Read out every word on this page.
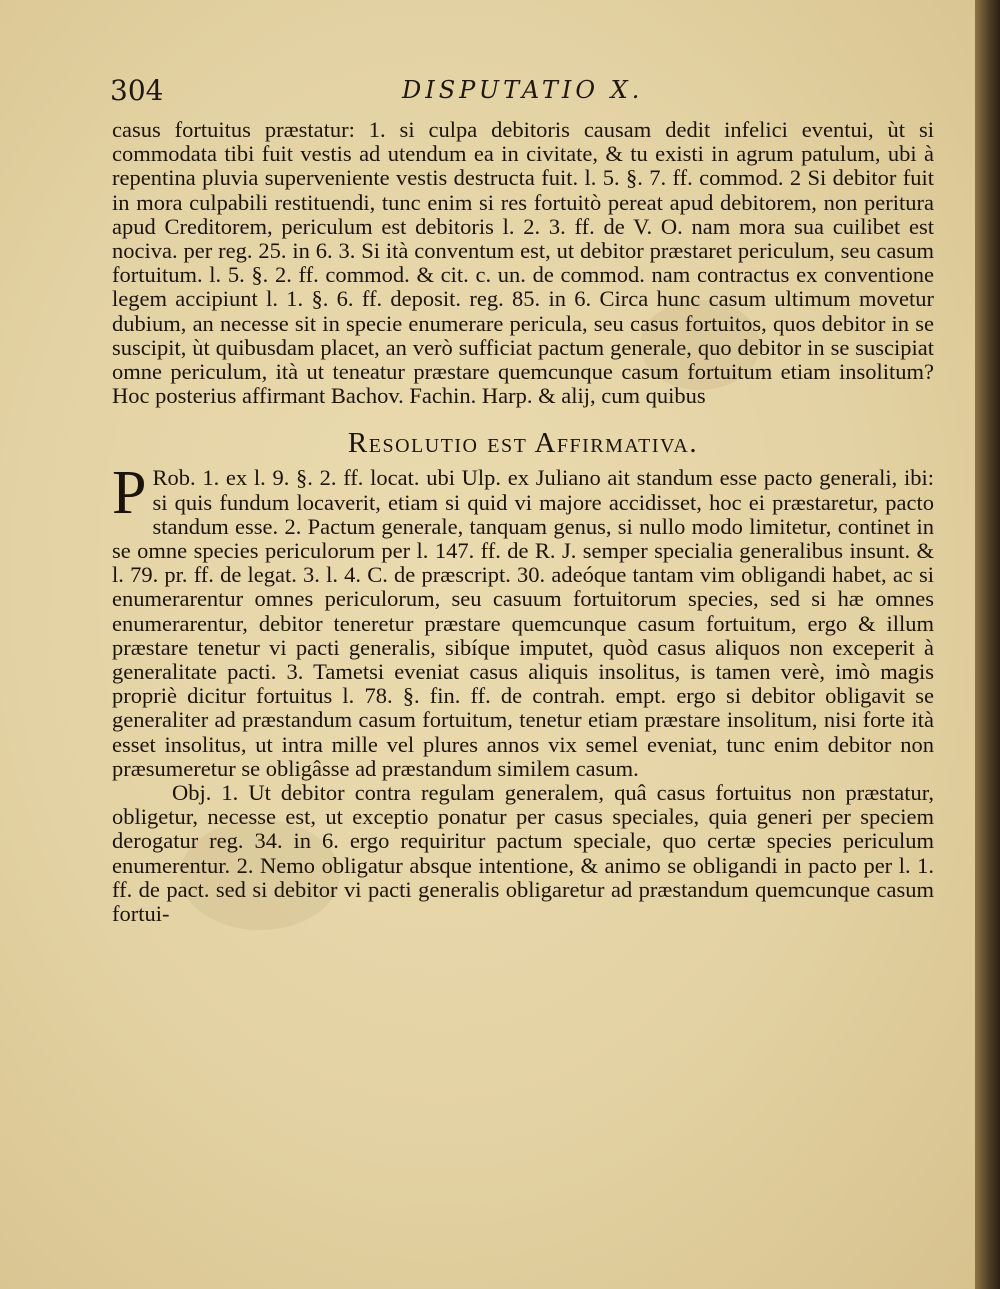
304	DISPUTATIO X.

casus fortuitus præstatur: 1. si culpa debitoris causam dedit infelici eventui, ùt si commodata tibi fuit vestis ad utendum ea in civitate, & tu existi in agrum patulum, ubi à repentina pluvia superveniente vestis destructa fuit. l. 5. §. 7. ff. commod. 2 Si debitor fuit in mora culpabili restituendi, tunc enim si res fortuitò pereat apud debitorem, non peritura apud Creditorem, periculum est debitoris l. 2. 3. ff. de V. O. nam mora sua cuilibet est nociva. per reg. 25. in 6. 3. Si ità conventum est, ut debitor præstaret periculum, seu casum fortuitum. l. 5. §. 2. ff. commod. & cit. c. un. de commod. nam contractus ex conventione legem accipiunt l. 1. §. 6. ff. deposit. reg. 85. in 6. Circa hunc casum ultimum movetur dubium, an necesse sit in specie enumerare pericula, seu casus fortuitos, quos debitor in se suscipit, ùt quibusdam placet, an verò sufficiat pactum generale, quo debitor in se suscipiat omne periculum, ità ut teneatur præstare quemcunque casum fortuitum etiam insolitum? Hoc posterius affirmant Bachov. Fachin. Harp. & alij, cum quibus

Resolutio est Affirmativa.

P Rob. 1. ex l. 9. §. 2. ff. locat. ubi Ulp. ex Juliano ait standum esse pacto generali, ibi: si quis fundum locaverit, etiam si quid vi majore accidisset, hoc ei præstaretur, pacto standum esse. 2. Pactum generale, tanquam genus, si nullo modo limitetur, continet in se omne species periculorum per l. 147. ff. de R. J. semper specialia generalibus insunt. & l. 79. pr. ff. de legat. 3. l. 4. C. de præscript. 30. adeóque tantam vim obligandi habet, ac si enumerarentur omnes periculorum, seu casuum fortuitorum species, sed si hæ omnes enumerarentur, debitor teneretur præstare quemcunque casum fortuitum, ergo & illum præstare tenetur vi pacti generalis, sibíque imputet, quòd casus aliquos non exceperit à generalitate pacti. 3. Tametsi eveniat casus aliquis insolitus, is tamen verè, imò magis propriè dicitur fortuitus l. 78. §. fin. ff. de contrah. empt. ergo si debitor obligavit se generaliter ad præstandum casum fortuitum, tenetur etiam præstare insolitum, nisi forte ità esset insolitus, ut intra mille vel plures annos vix semel eveniat, tunc enim debitor non præsumeretur se obligâsse ad præstandum similem casum.

Obj. 1. Ut debitor contra regulam generalem, quâ casus fortuitus non præstatur, obligetur, necesse est, ut exceptio ponatur per casus speciales, quia generi per speciem derogatur reg. 34. in 6. ergo requiritur pactum speciale, quo certæ species periculum enumerentur. 2. Nemo obligatur absque intentione, & animo se obligandi in pacto per l. 1. ff. de pact. sed si debitor vi pacti generalis obligaretur ad præstandum quemcunque casum fortui-
